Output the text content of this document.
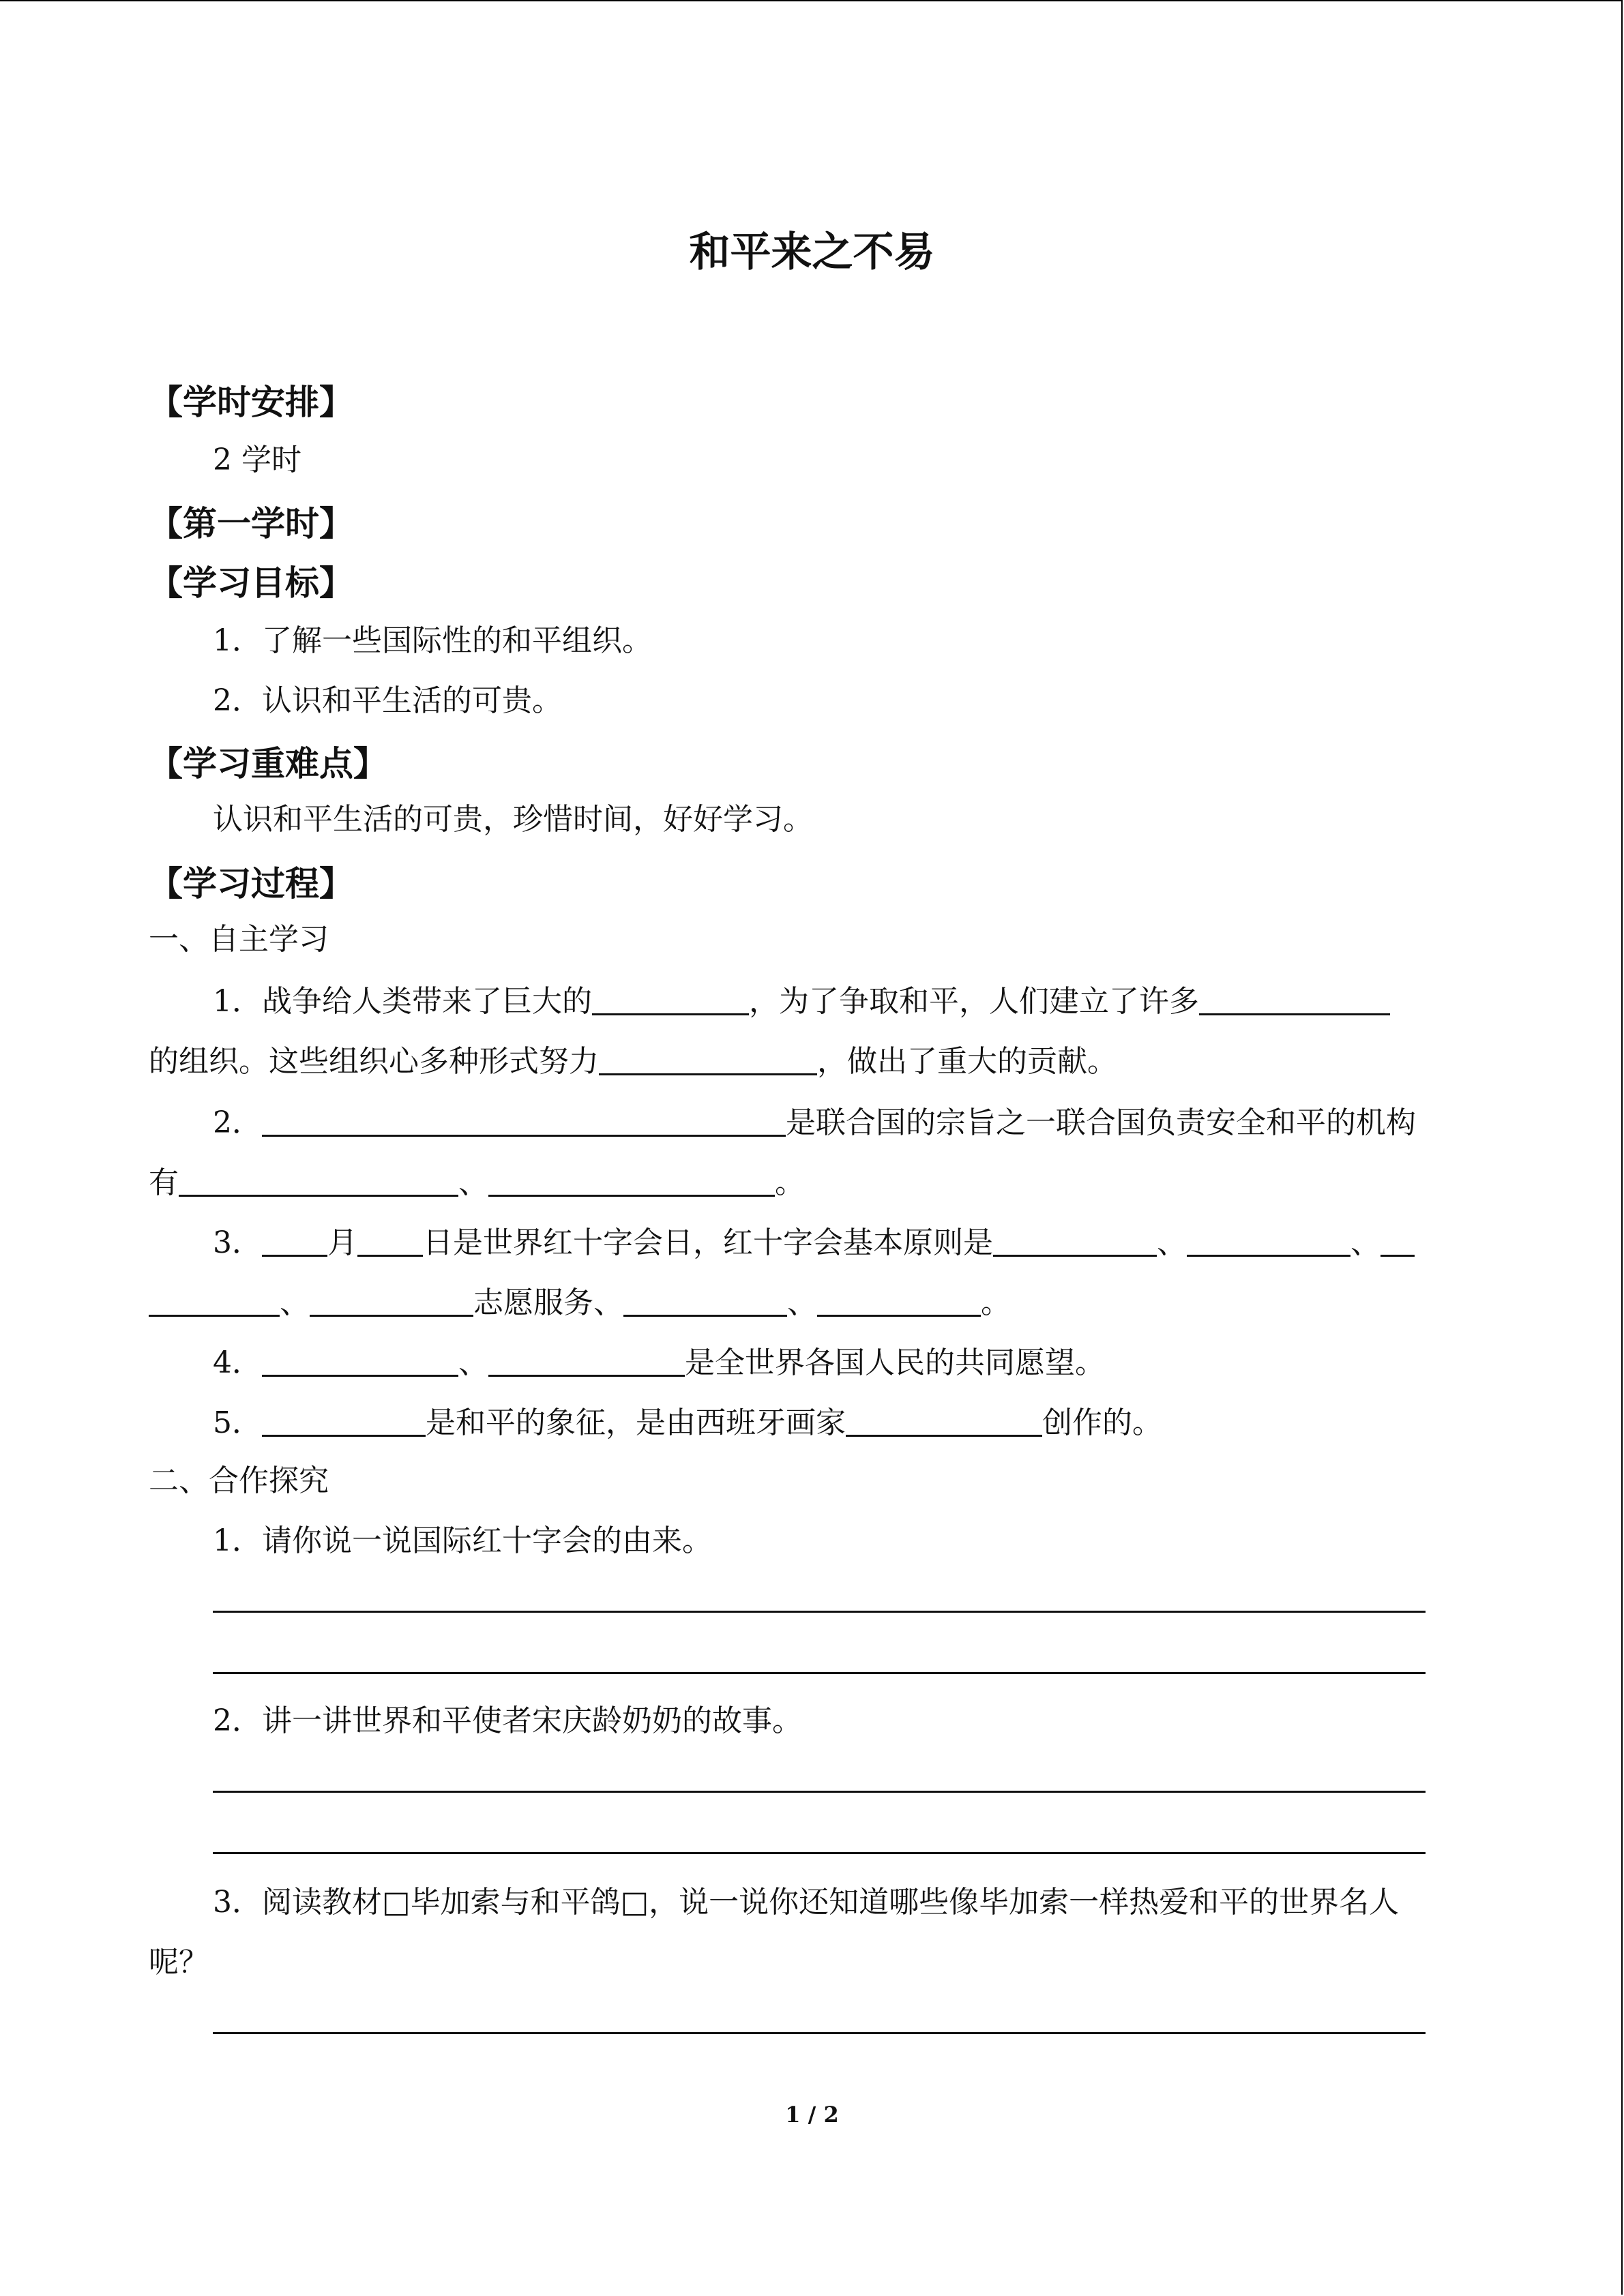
和平来之不易
【学时安排】
2 学时
【第一学时】
【学习目标】
1．了解一些国际性的和平组织。
2．认识和平生活的可贵。
【学习重难点】
认识和平生活的可贵，珍惜时间，好好学习。
【学习过程】
一、自主学习
1．战争给人类带来了巨大的	，为了争取和平，人们建立了许多
的组织。这些组织心多种形式努力	，做出了重大的贡献。
2．	是联合国的宗旨之一联合国负责安全和平的机构
有	、	。
3． 月 日是世界红十字会日，红十字会基本原则是	、	、
、	志愿服务、	、	。
4．	、	是全世界各国人民的共同愿望。
5．	是和平的象征，是由西班牙画家	创作的。
二、合作探究
1．请你说一说国际红十字会的由来。
2．讲一讲世界和平使者宋庆龄奶奶的故事。
3．阅读教材□毕加索与和平鸽□，说一说你还知道哪些像毕加索一样热爱和平的世界名人
呢？
1 / 2
